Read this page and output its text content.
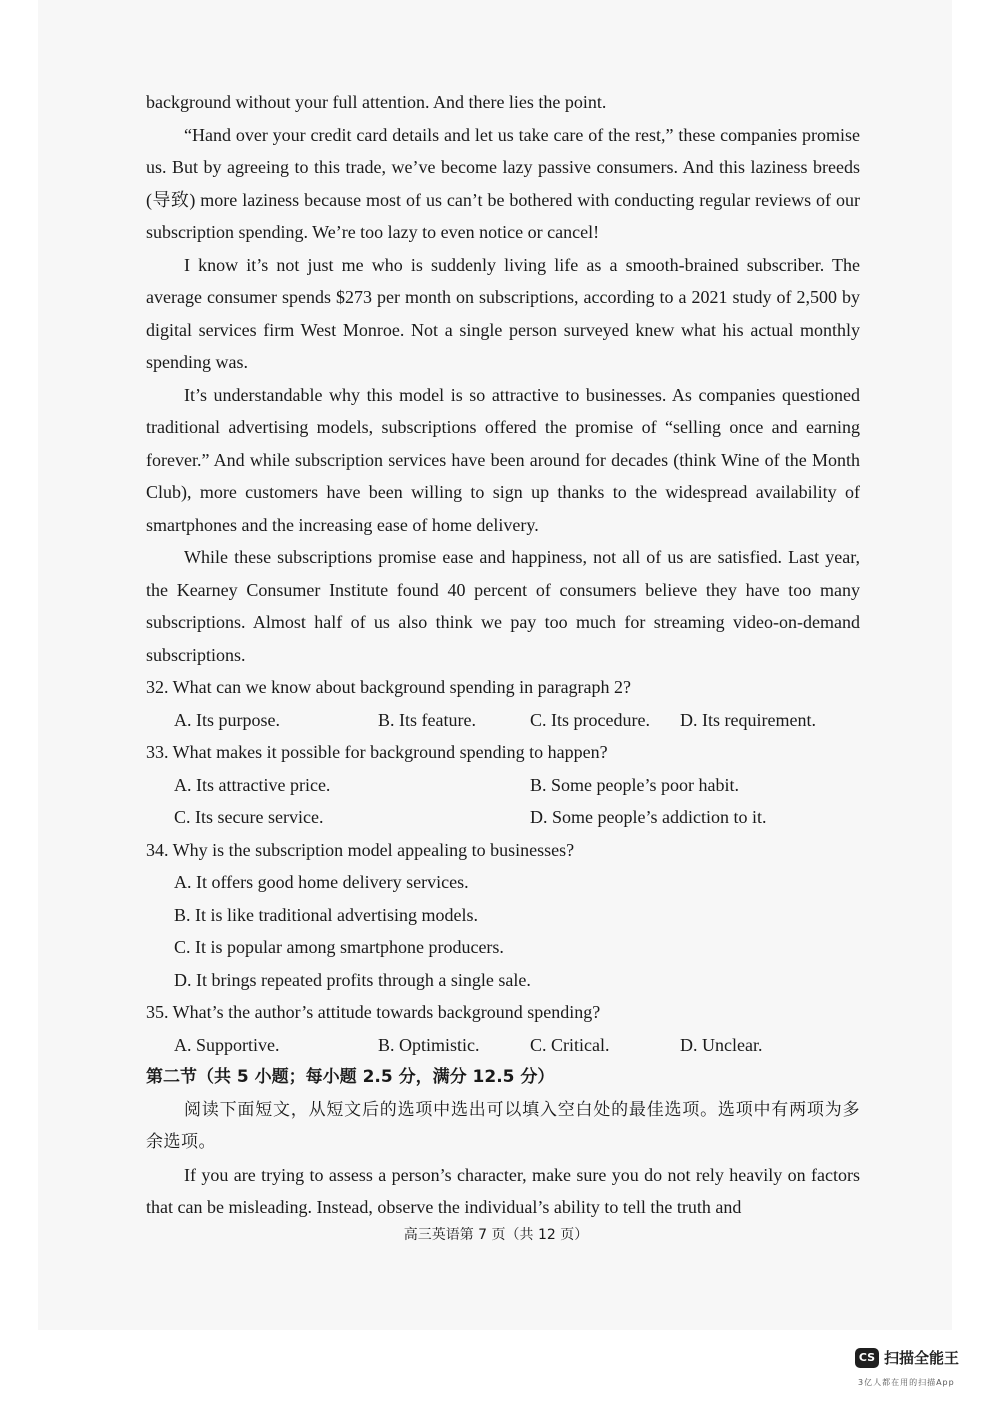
background without your full attention. And there lies the point.

“Hand over your credit card details and let us take care of the rest,” these companies promise us. But by agreeing to this trade, we’ve become lazy passive consumers. And this laziness breeds (导致) more laziness because most of us can’t be bothered with conducting regular reviews of our subscription spending. We’re too lazy to even notice or cancel!

I know it’s not just me who is suddenly living life as a smooth-brained subscriber. The average consumer spends $273 per month on subscriptions, according to a 2021 study of 2,500 by digital services firm West Monroe. Not a single person surveyed knew what his actual monthly spending was.

It’s understandable why this model is so attractive to businesses. As companies questioned traditional advertising models, subscriptions offered the promise of “selling once and earning forever.” And while subscription services have been around for decades (think Wine of the Month Club), more customers have been willing to sign up thanks to the widespread availability of smartphones and the increasing ease of home delivery.

While these subscriptions promise ease and happiness, not all of us are satisfied. Last year, the Kearney Consumer Institute found 40 percent of consumers believe they have too many subscriptions. Almost half of us also think we pay too much for streaming video-on-demand subscriptions.

32. What can we know about background spending in paragraph 2?

A. Its purpose.	B. Its feature.	C. Its procedure.	D. Its requirement.

33. What makes it possible for background spending to happen?

A. Its attractive price.	B. Some people’s poor habit.
C. Its secure service.	D. Some people’s addiction to it.

34. Why is the subscription model appealing to businesses?

A. It offers good home delivery services.
B. It is like traditional advertising models.
C. It is popular among smartphone producers.
D. It brings repeated profits through a single sale.

35. What’s the author’s attitude towards background spending?

A. Supportive.	B. Optimistic.	C. Critical.	D. Unclear.

第二节（共 5 小题；每小题 2.5 分，满分 12.5 分）

阅读下面短文，从短文后的选项中选出可以填入空白处的最佳选项。选项中有两项为多余选项。

If you are trying to assess a person’s character, make sure you do not rely heavily on factors that can be misleading. Instead, observe the individual’s ability to tell the truth and

高三英语第 7 页（共 12 页）
CS 扫描全能王
3亿人都在用的扫描App
